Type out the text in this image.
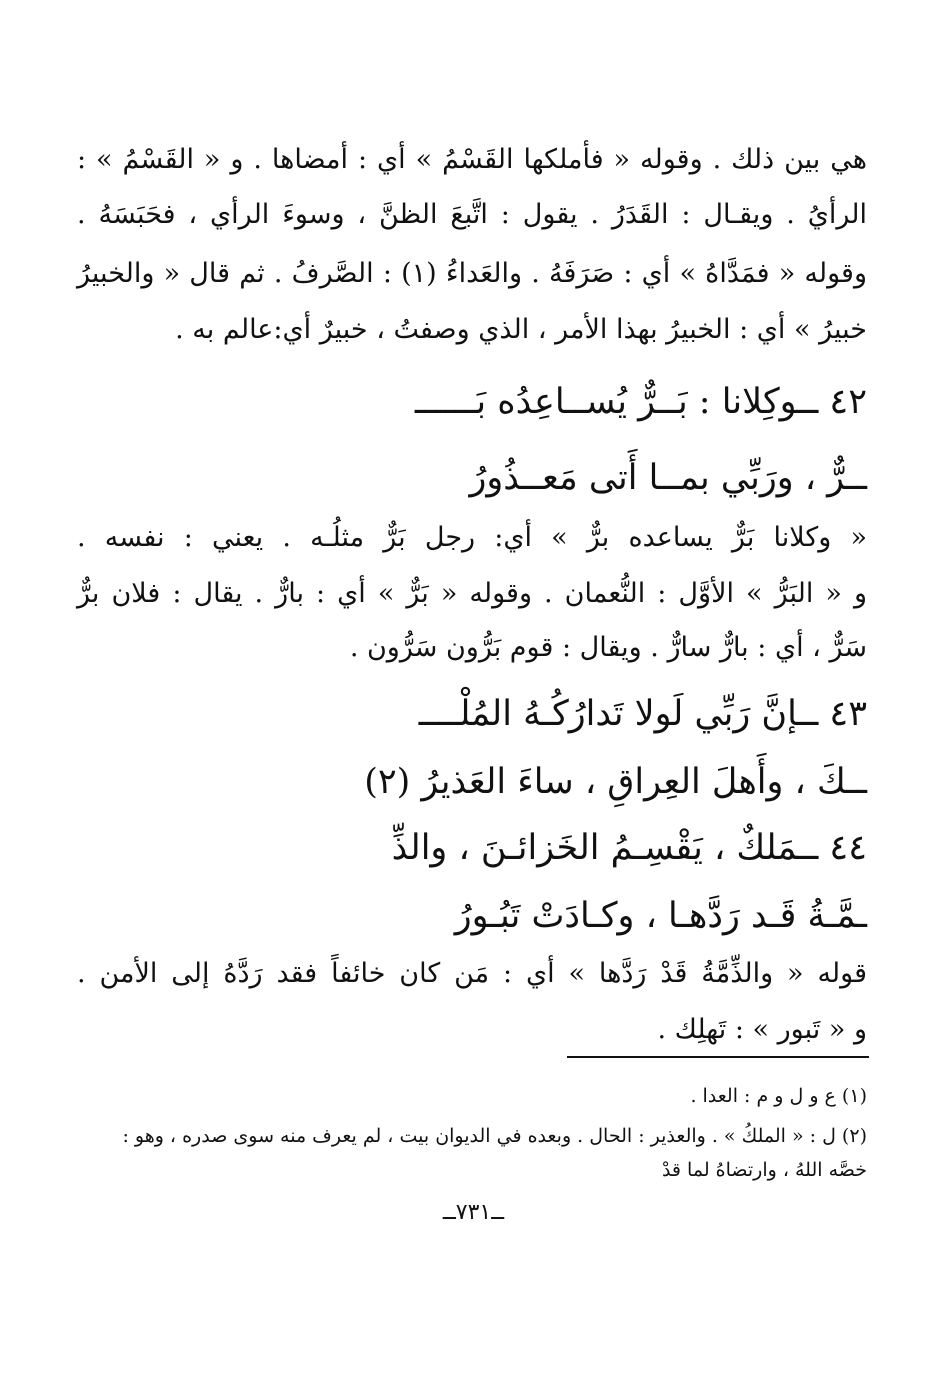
هي بين ذلك . وقوله « فأملكها القَسْمُ » أي : أمضاها . و « القَسْمُ » :
الرأيُ . ويقـال : القَدَرُ . يقول : اتَّبعَ الظنَّ ، وسوءَ الرأي ، فحَبَسَهُ .
وقوله « فمَدَّاهُ » أي : صَرَفَهُ . والعَداءُ (١) : الصَّرفُ . ثم قال « والخبيرُ
خبيرُ » أي : الخبيرُ بهذا الأمر ، الذي وصفتُ ، خبيرٌ أي:عالم به .
٤٢ ــوكِلانا : بَــرٌّ يُســاعِدُه بَــــــ
ــرٌّ ، ورَبِّي بمــا أَتى مَعــذُورُ
« وكلانا بَرٌّ يساعده برٌّ » أي: رجل بَرٌّ مثلُـه . يعني : نفسه .
و « البَرُّ » الأوَّل : النُّعمان . وقوله « بَرٌّ » أي : بارٌّ . يقال : فلان برٌّ
سَرٌّ ، أي : بارٌّ سارٌّ . ويقال : قوم بَرُّون سَرُّون .
٤٣ ــإنَّ رَبِّي لَولا تَدارُكُـهُ المُلْــــ
ــكَ ، وأَهلَ العِراقِ ، ساءَ العَذيرُ (٢)
٤٤ ــمَلكٌ ، يَقْسِـمُ الخَزائـنَ ، والذِّ
ـمَّـةُ قَـد رَدَّهـا ، وكـادَتْ تَبُـورُ
قوله « والذِّمَّةُ قَدْ رَدَّها » أي : مَن كان خائفاً فقد رَدَّهُ إلى الأمن .
و « تَبور » : تَهلِك .
(١) ع و ل و م : العدا .
(٢) ل : « الملكُ » . والعذير : الحال . وبعده في الديوان بيت ، لم يعرف منه سوى صدره ، وهو :
خصَّه اللهُ ، وارتضاهُ لما قدْ
ــ٧٣١ــ
